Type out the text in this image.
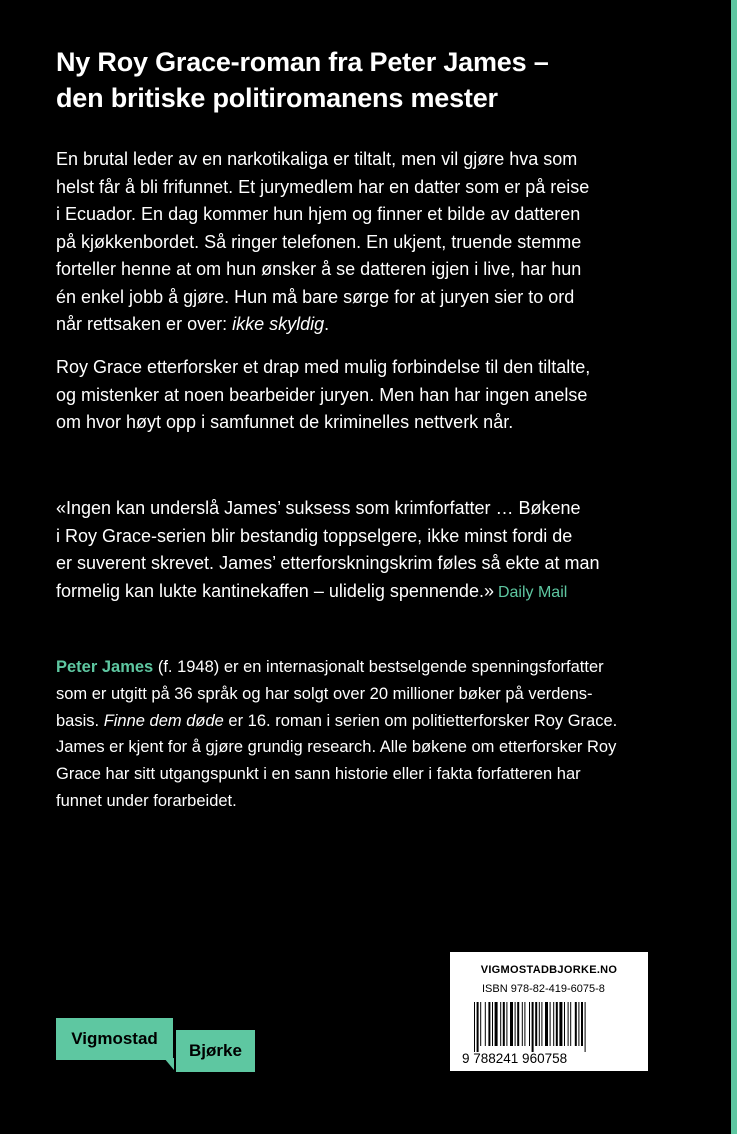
Ny Roy Grace-roman fra Peter James –
den britiske politiromanens mester

En brutal leder av en narkotikaliga er tiltalt, men vil gjøre hva som
helst får å bli frifunnet. Et jurymedlem har en datter som er på reise
i Ecuador. En dag kommer hun hjem og finner et bilde av datteren
på kjøkkenbordet. Så ringer telefonen. En ukjent, truende stemme
forteller henne at om hun ønsker å se datteren igjen i live, har hun
én enkel jobb å gjøre. Hun må bare sørge for at juryen sier to ord
når rettsaken er over: ikke skyldig.

Roy Grace etterforsker et drap med mulig forbindelse til den tiltalte,
og mistenker at noen bearbeider juryen. Men han har ingen anelse
om hvor høyt opp i samfunnet de kriminelles nettverk når.

«Ingen kan underslå James’ suksess som krimforfatter … Bøkene
i Roy Grace-serien blir bestandig toppselgere, ikke minst fordi de
er suverent skrevet. James’ etterforskningskrim føles så ekte at man
formelig kan lukte kantinekaffen – ulidelig spennende.» Daily Mail

Peter James (f. 1948) er en internasjonalt bestselgende spenningsforfatter
som er utgitt på 36 språk og har solgt over 20 millioner bøker på verdens-
basis. Finne dem døde er 16. roman i serien om politietterforsker Roy Grace.
James er kjent for å gjøre grundig research. Alle bøkene om etterforsker Roy
Grace har sitt utgangspunkt i en sann historie eller i fakta forfatteren har
funnet under forarbeidet.

Vigmostad
Bjørke
VIGMOSTADBJORKE.NO
ISBN 978-82-419-6075-8
9 788241 960758
